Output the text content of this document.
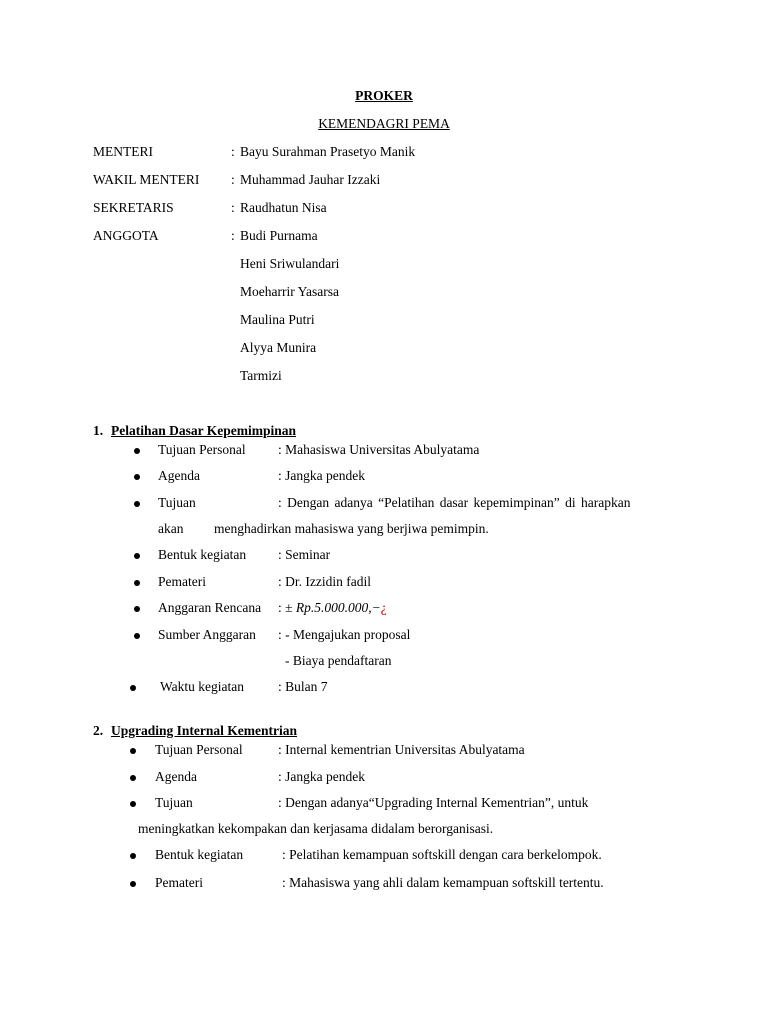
PROKER
KEMENDAGRI PEMA
MENTERI	: Bayu Surahman Prasetyo Manik
WAKIL MENTERI : Muhammad Jauhar Izzaki
SEKRETARIS	: Raudhatun Nisa
ANGGOTA	: Budi Purnama
Heni Sriwulandari
Moeharrir Yasarsa
Maulina Putri
Alyya Munira
Tarmizi
1. Pelatihan Dasar Kepemimpinan
Tujuan Personal : Mahasiswa Universitas Abulyatama
Agenda	: Jangka pendek
Tujuan	: Dengan adanya “Pelatihan dasar kepemimpinan” di harapkan
akan menghadirkan mahasiswa yang berjiwa pemimpin.
Bentuk kegiatan : Seminar
Pemateri	: Dr. Izzidin fadil
Anggaran Rencana : ± Rp.5.000.000,−¿
Sumber Anggaran : - Mengajukan proposal
- Biaya pendaftaran
Waktu kegiatan	: Bulan 7
2. Upgrading Internal Kementrian
Tujuan Personal	: Internal kementrian Universitas Abulyatama
Agenda	: Jangka pendek
Tujuan	: Dengan adanya“Upgrading Internal Kementrian”, untuk
meningkatkan kekompakan dan kerjasama didalam berorganisasi.
Bentuk kegiatan	: Pelatihan kemampuan softskill dengan cara berkelompok.
Pemateri	: Mahasiswa yang ahli dalam kemampuan softskill tertentu.
